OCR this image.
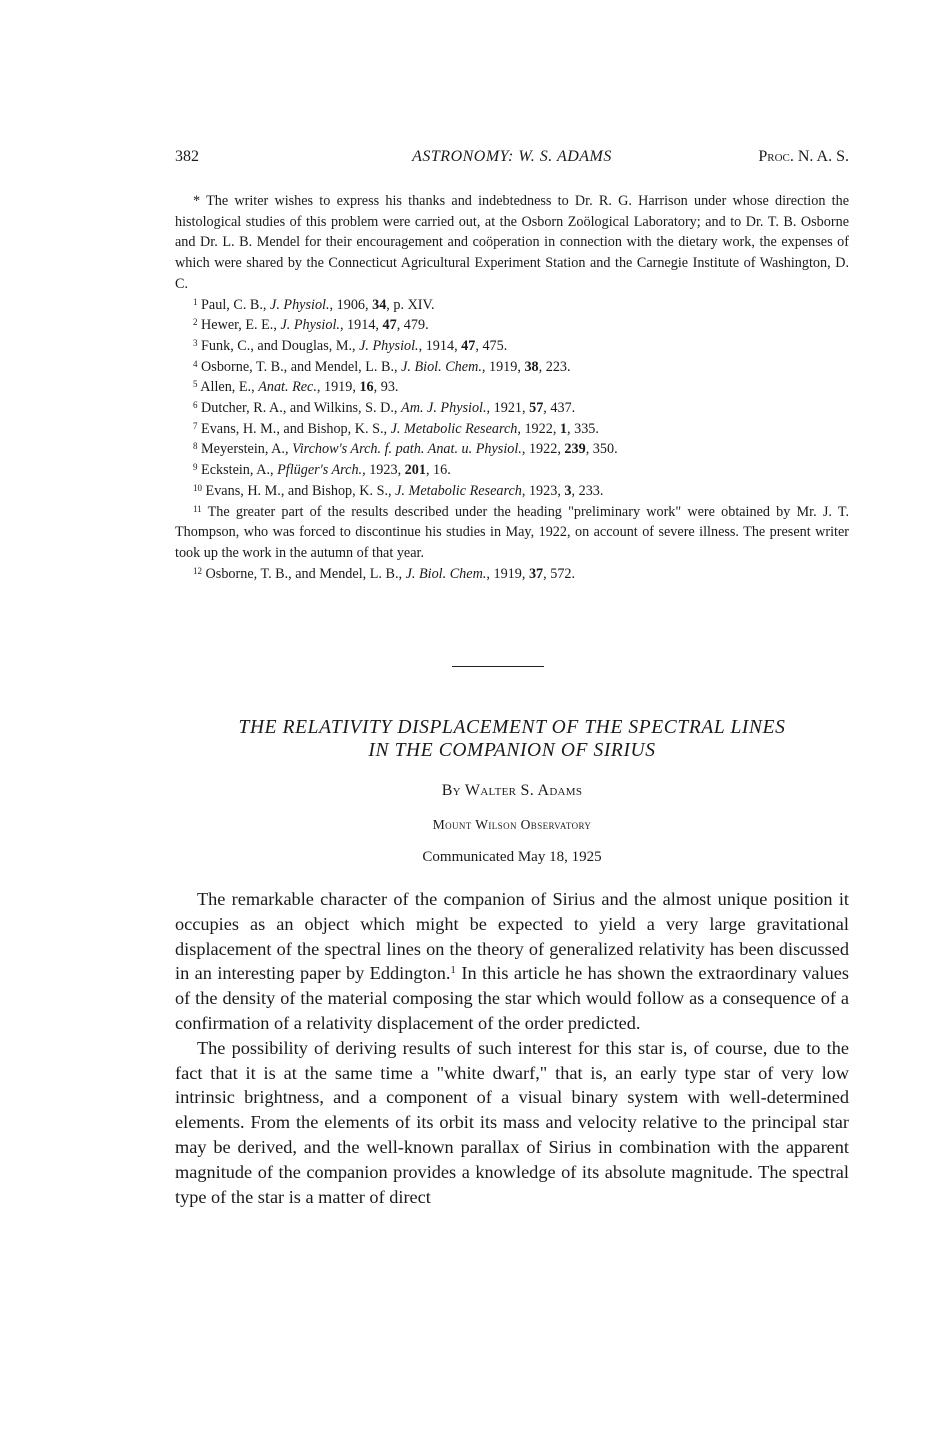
382	ASTRONOMY: W. S. ADAMS	Proc. N. A. S.

* The writer wishes to express his thanks and indebtedness to Dr. R. G. Harrison under whose direction the histological studies of this problem were carried out, at the Osborn Zoölogical Laboratory; and to Dr. T. B. Osborne and Dr. L. B. Mendel for their encouragement and coöperation in connection with the dietary work, the expenses of which were shared by the Connecticut Agricultural Experiment Station and the Carnegie Institute of Washington, D. C.

$^1$ Paul, C. B., J. Physiol., 1906, 34, p. XIV.

$^2$ Hewer, E. E., J. Physiol., 1914, 47, 479.

$^3$ Funk, C., and Douglas, M., J. Physiol., 1914, 47, 475.

$^4$ Osborne, T. B., and Mendel, L. B., J. Biol. Chem., 1919, 38, 223.

$^5$ Allen, E., Anat. Rec., 1919, 16, 93.

$^6$ Dutcher, R. A., and Wilkins, S. D., Am. J. Physiol., 1921, 57, 437.

$^7$ Evans, H. M., and Bishop, K. S., J. Metabolic Research, 1922, 1, 335.

$^8$ Meyerstein, A., Virchow's Arch. f. path. Anat. u. Physiol., 1922, 239, 350.

$^9$ Eckstein, A., Pflüger's Arch., 1923, 201, 16.

$^{10}$ Evans, H. M., and Bishop, K. S., J. Metabolic Research, 1923, 3, 233.

$^{11}$ The greater part of the results described under the heading "preliminary work" were obtained by Mr. J. T. Thompson, who was forced to discontinue his studies in May, 1922, on account of severe illness. The present writer took up the work in the autumn of that year.

$^{12}$ Osborne, T. B., and Mendel, L. B., J. Biol. Chem., 1919, 37, 572.

THE RELATIVITY DISPLACEMENT OF THE SPECTRAL LINES
IN THE COMPANION OF SIRIUS
By Walter S. Adams
Mount Wilson Observatory
Communicated May 18, 1925

The remarkable character of the companion of Sirius and the almost unique position it occupies as an object which might be expected to yield a very large gravitational displacement of the spectral lines on the theory of generalized relativity has been discussed in an interesting paper by Eddington.$^1$ In this article he has shown the extraordinary values of the density of the material composing the star which would follow as a consequence of a confirmation of a relativity displacement of the order predicted.

The possibility of deriving results of such interest for this star is, of course, due to the fact that it is at the same time a "white dwarf," that is, an early type star of very low intrinsic brightness, and a component of a visual binary system with well-determined elements. From the elements of its orbit its mass and velocity relative to the principal star may be derived, and the well-known parallax of Sirius in combination with the apparent magnitude of the companion provides a knowledge of its absolute magnitude. The spectral type of the star is a matter of direct
